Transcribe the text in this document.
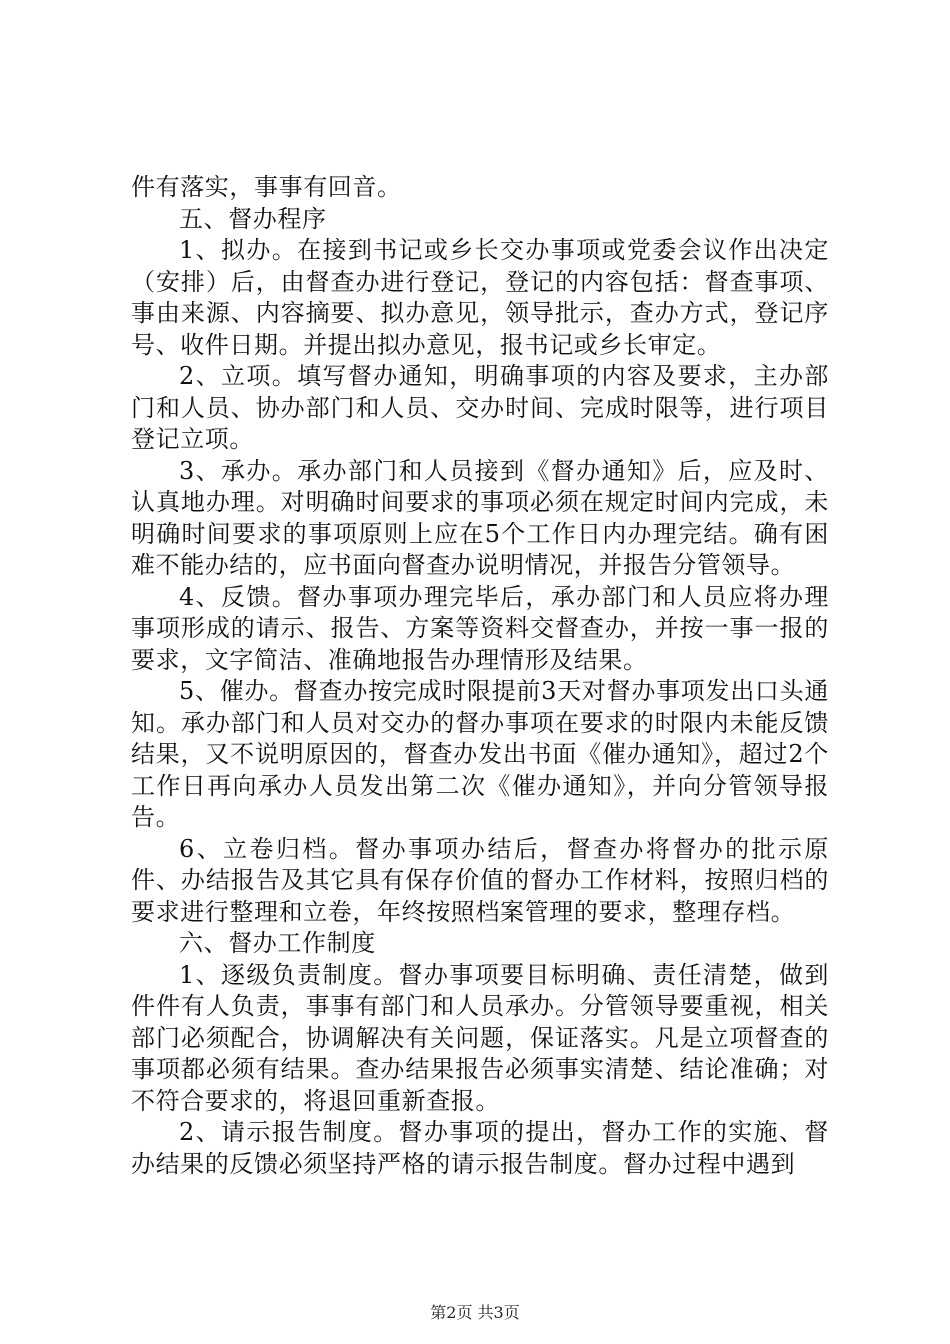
件有落实，事事有回音。

五、督办程序

1、拟办。在接到书记或乡长交办事项或党委会议作出决定（安排）后，由督查办进行登记，登记的内容包括：督查事项、事由来源、内容摘要、拟办意见，领导批示，查办方式，登记序号、收件日期。并提出拟办意见，报书记或乡长审定。

2、立项。填写督办通知，明确事项的内容及要求，主办部门和人员、协办部门和人员、交办时间、完成时限等，进行项目登记立项。

3、承办。承办部门和人员接到《督办通知》后，应及时、认真地办理。对明确时间要求的事项必须在规定时间内完成，未明确时间要求的事项原则上应在5个工作日内办理完结。确有困难不能办结的，应书面向督查办说明情况，并报告分管领导。

4、反馈。督办事项办理完毕后，承办部门和人员应将办理事项形成的请示、报告、方案等资料交督查办，并按一事一报的要求，文字简洁、准确地报告办理情形及结果。

5、催办。督查办按完成时限提前3天对督办事项发出口头通知。承办部门和人员对交办的督办事项在要求的时限内未能反馈结果，又不说明原因的，督查办发出书面《催办通知》，超过2个工作日再向承办人员发出第二次《催办通知》，并向分管领导报告。

6、立卷归档。督办事项办结后，督查办将督办的批示原件、办结报告及其它具有保存价值的督办工作材料，按照归档的要求进行整理和立卷，年终按照档案管理的要求，整理存档。

六、督办工作制度

1、逐级负责制度。督办事项要目标明确、责任清楚，做到件件有人负责，事事有部门和人员承办。分管领导要重视，相关部门必须配合，协调解决有关问题，保证落实。凡是立项督查的事项都必须有结果。查办结果报告必须事实清楚、结论准确；对不符合要求的，将退回重新查报。

2、请示报告制度。督办事项的提出，督办工作的实施、督办结果的反馈必须坚持严格的请示报告制度。督办过程中遇到

第2页 共3页
